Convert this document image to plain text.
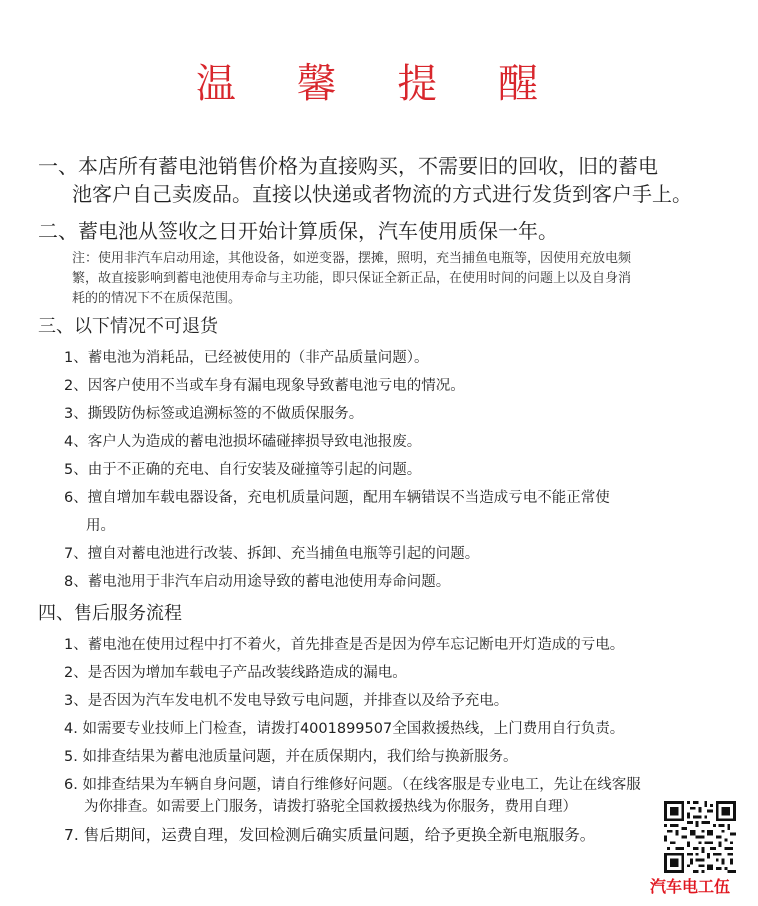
温 馨 提 醒
一、本店所有蓄电池销售价格为直接购买，不需要旧的回收，旧的蓄电
池客户自己卖废品。直接以快递或者物流的方式进行发货到客户手上。
二、蓄电池从签收之日开始计算质保，汽车使用质保一年。
注：使用非汽车启动用途，其他设备，如逆变器，摆摊，照明，充当捕鱼电瓶等，因使用充放电频
繁，故直接影响到蓄电池使用寿命与主功能，即只保证全新正品，在使用时间的问题上以及自身消
耗的的情况下不在质保范围。
三、以下情况不可退货
1、蓄电池为消耗品，已经被使用的（非产品质量问题）。
2、因客户使用不当或车身有漏电现象导致蓄电池亏电的情况。
3、撕毁防伪标签或追溯标签的不做质保服务。
4、客户人为造成的蓄电池损坏磕碰摔损导致电池报废。
5、由于不正确的充电、自行安装及碰撞等引起的问题。
6、擅自增加车载电器设备，充电机质量问题，配用车辆错误不当造成亏电不能正常使
用。
7、擅自对蓄电池进行改装、拆卸、充当捕鱼电瓶等引起的问题。
8、蓄电池用于非汽车启动用途导致的蓄电池使用寿命问题。
四、售后服务流程
1、蓄电池在使用过程中打不着火，首先排查是否是因为停车忘记断电开灯造成的亏电。
2、是否因为增加车载电子产品改装线路造成的漏电。
3、是否因为汽车发电机不发电导致亏电问题，并排查以及给予充电。
4. 如需要专业技师上门检查，请拨打4001899507全国救援热线，上门费用自行负责。
5. 如排查结果为蓄电池质量问题，并在质保期内，我们给与换新服务。
6. 如排查结果为车辆自身问题，请自行维修好问题。（在线客服是专业电工，先让在线客服
为你排查。如需要上门服务，请拨打骆驼全国救援热线为你服务，费用自理）
7. 售后期间，运费自理，发回检测后确实质量问题，给予更换全新电瓶服务。
汽车电工伍
